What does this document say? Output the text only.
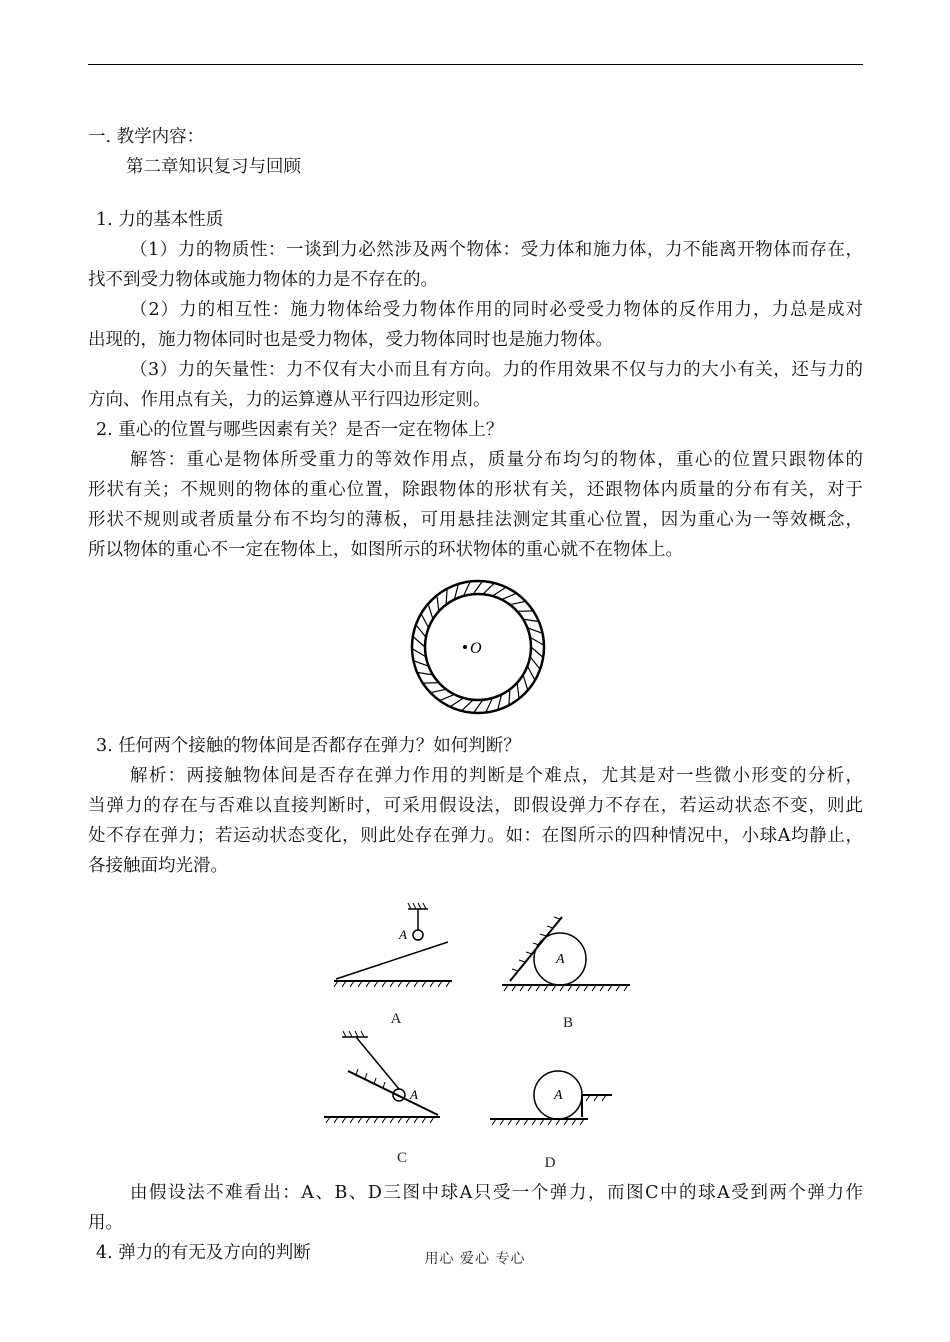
一. 教学内容：
第二章知识复习与回顾
1. 力的基本性质
（1）力的物质性：一谈到力必然涉及两个物体：受力体和施力体，力不能离开物体而存在，
找不到受力物体或施力物体的力是不存在的。
（2）力的相互性：施力物体给受力物体作用的同时必受受力物体的反作用力，力总是成对
出现的，施力物体同时也是受力物体，受力物体同时也是施力物体。
（3）力的矢量性：力不仅有大小而且有方向。力的作用效果不仅与力的大小有关，还与力的
方向、作用点有关，力的运算遵从平行四边形定则。
2. 重心的位置与哪些因素有关？是否一定在物体上？
解答：重心是物体所受重力的等效作用点，质量分布均匀的物体，重心的位置只跟物体的
形状有关；不规则的物体的重心位置，除跟物体的形状有关，还跟物体内质量的分布有关，对于
形状不规则或者质量分布不均匀的薄板，可用悬挂法测定其重心位置，因为重心为一等效概念，
所以物体的重心不一定在物体上，如图所示的环状物体的重心就不在物体上。
O
3. 任何两个接触的物体间是否都存在弹力？如何判断？
解析：两接触物体间是否存在弹力作用的判断是个难点，尤其是对一些微小形变的分析，
当弹力的存在与否难以直接判断时，可采用假设法，即假设弹力不存在，若运动状态不变，则此
处不存在弹力；若运动状态变化，则此处存在弹力。如：在图所示的四种情况中，小球A均静止，
各接触面均光滑。
A
A
A
B
A
C
A
D
由假设法不难看出：A、B、D三图中球A只受一个弹力，而图C中的球A受到两个弹力作
用。
4. 弹力的有无及方向的判断	用心 爱心 专心
